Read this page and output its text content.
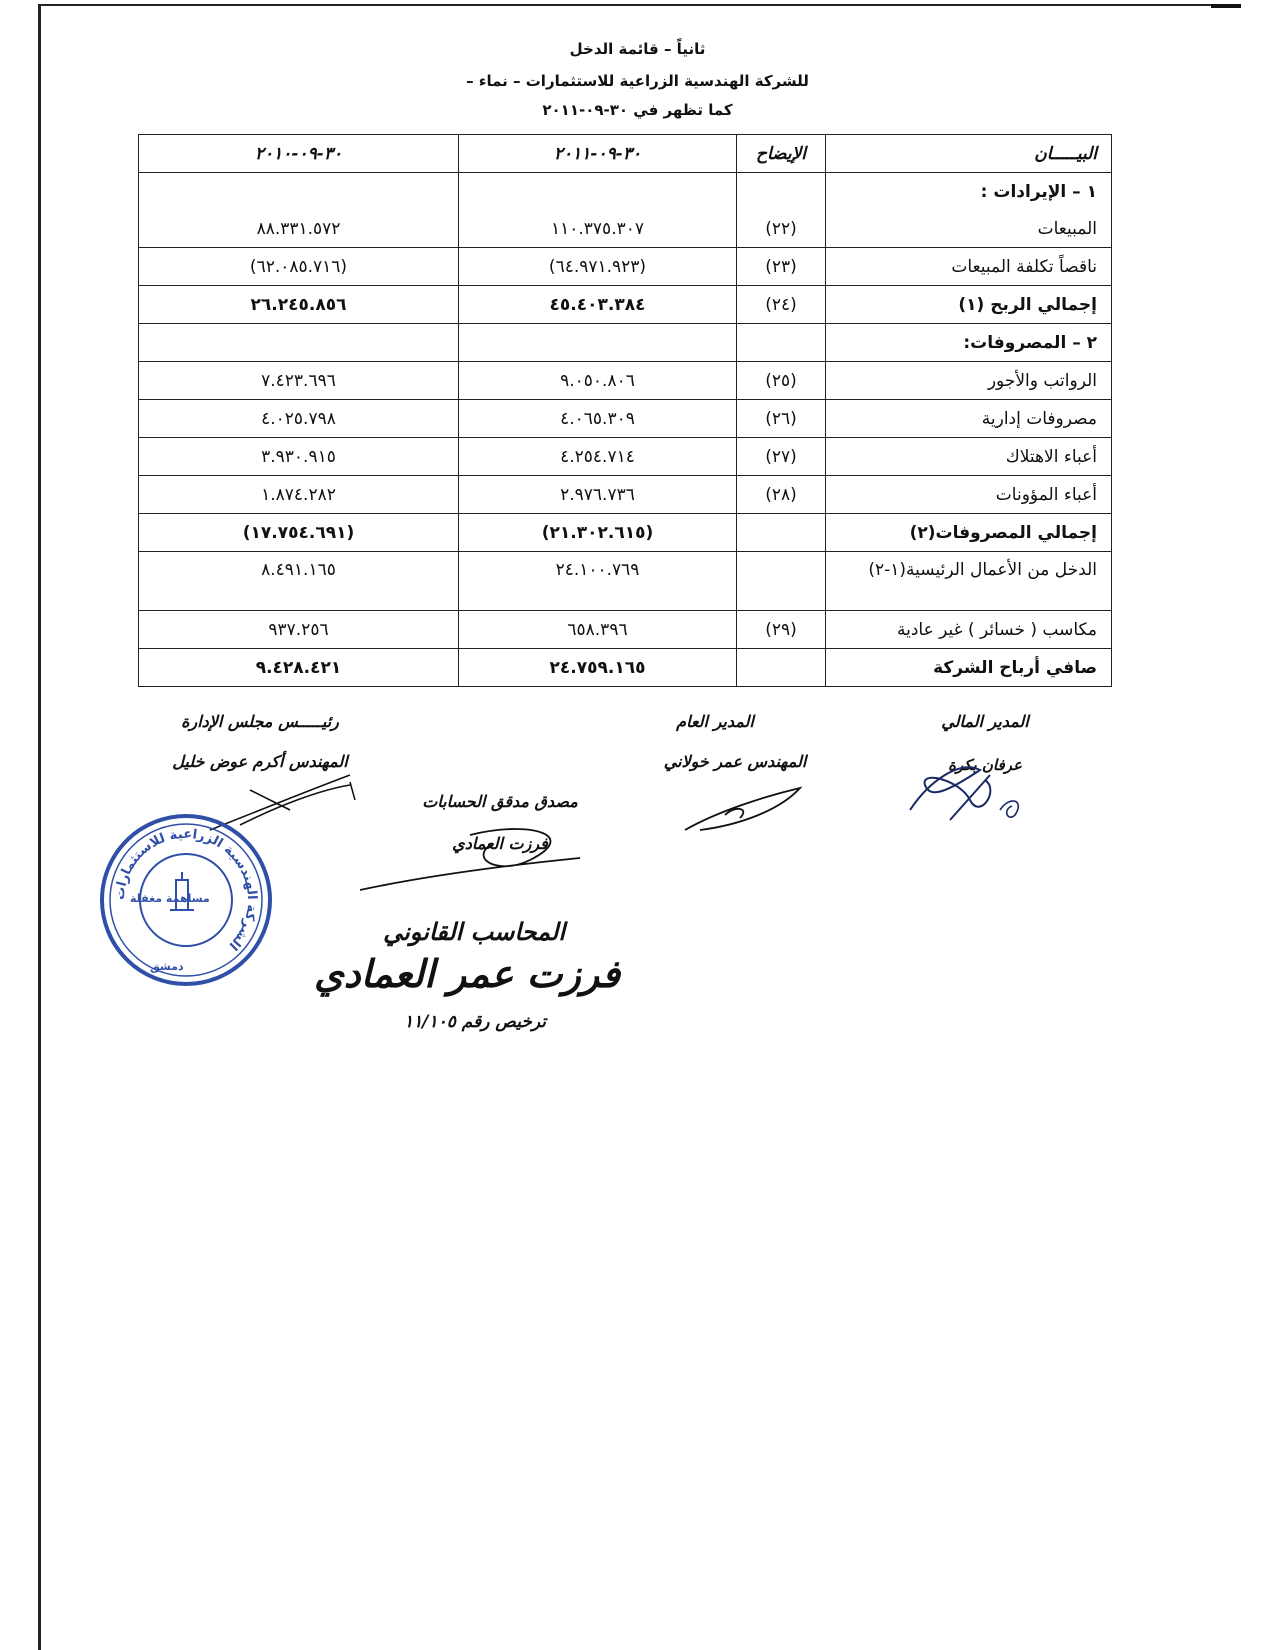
ثانياً – قائمة الدخل
للشركة الهندسية الزراعية للاستثمارات – نماء –
كما تظهر في ٣٠-٠٩-٢٠١١
البيـــــان	الإيضاح	٣٠-٠٩-٢٠١١	٣٠-٠٩-٢٠١٠
١ – الإيرادات :			
المبيعات	(٢٢)	١١٠.٣٧٥.٣٠٧	٨٨.٣٣١.٥٧٢
ناقصاً تكلفة المبيعات	(٢٣)	(٦٤.٩٧١.٩٢٣)	(٦٢.٠٨٥.٧١٦)
إجمالي الربح (١)	(٢٤)	٤٥.٤٠٣.٣٨٤	٢٦.٢٤٥.٨٥٦
٢ – المصروفات:			
الرواتب والأجور	(٢٥)	٩.٠٥٠.٨٠٦	٧.٤٢٣.٦٩٦
مصروفات إدارية	(٢٦)	٤.٠٦٥.٣٠٩	٤.٠٢٥.٧٩٨
أعباء الاهتلاك	(٢٧)	٤.٢٥٤.٧١٤	٣.٩٣٠.٩١٥
أعباء المؤونات	(٢٨)	٢.٩٧٦.٧٣٦	١.٨٧٤.٢٨٢
إجمالي المصروفات(٢)		(٢١.٣٠٢.٦١٥)	(١٧.٧٥٤.٦٩١)
الدخل من الأعمال الرئيسية(١-٢)		٢٤.١٠٠.٧٦٩	٨.٤٩١.١٦٥
مكاسب ( خسائر ) غير عادية	(٢٩)	٦٥٨.٣٩٦	٩٣٧.٢٥٦
صافي أرباح الشركة		٢٤.٧٥٩.١٦٥	٩.٤٢٨.٤٢١
المدير المالي
عرفان بكرة
المدير العام
المهندس عمر خولاني
رئيـــــس مجلس الإدارة
المهندس أكرم عوض خليل
مصدق مدقق الحسابات
فرزت العمادي
الشركة الهندسية الزراعية للاستثمارات
مساهمة مغفلة
دمشق
المحاسب القانوني
فرزت عمر العمادي
ترخيص رقم ١١/١٠٥
